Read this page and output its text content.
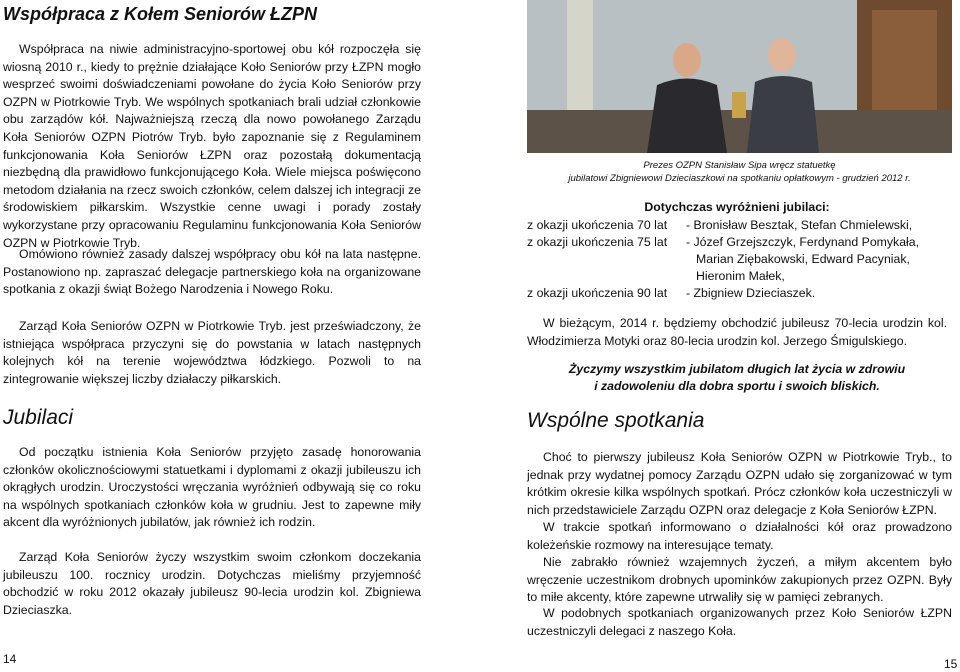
Współpraca z Kołem Seniorów ŁZPN

Współpraca na niwie administracyjno-sportowej obu kół rozpoczęła się wiosną 2010 r., kiedy to prężnie działające Koło Seniorów przy ŁZPN mogło wesprzeć swoimi doświadczeniami powołane do życia Koło Seniorów przy OZPN w Piotrkowie Tryb. We wspólnych spotkaniach brali udział członkowie obu zarządów kół. Najważniejszą rzeczą dla nowo powołanego Zarządu Koła Seniorów OZPN Piotrów Tryb. było zapoznanie się z Regulaminem funkcjonowania Koła Seniorów ŁZPN oraz pozostałą dokumentacją niezbędną dla prawidłowo funkcjonującego Koła. Wiele miejsca poświęcono metodom działania na rzecz swoich członków, celem dalszej ich integracji ze środowiskiem piłkarskim. Wszystkie cenne uwagi i porady zostały wykorzystane przy opracowaniu Regulaminu funkcjonowania Koła Seniorów OZPN w Piotrkowie Tryb.

Omówiono również zasady dalszej współpracy obu kół na lata następne. Postanowiono np. zapraszać delegacje partnerskiego koła na organizowane spotkania z okazji świąt Bożego Narodzenia i Nowego Roku.

Zarząd Koła Seniorów OZPN w Piotrkowie Tryb. jest przeświadczony, że istniejąca współpraca przyczyni się do powstania w latach następnych kolejnych kół na terenie województwa łódzkiego. Pozwoli to na zintegrowanie większej liczby działaczy piłkarskich.

Jubilaci

Od początku istnienia Koła Seniorów przyjęto zasadę honorowania członków okolicznościowymi statuetkami i dyplomami z okazji jubileuszu ich okrągłych urodzin. Uroczystości wręczania wyróżnień odbywają się co roku na wspólnych spotkaniach członków koła w grudniu. Jest to zapewne miły akcent dla wyróżnionych jubilatów, jak również ich rodzin.

Zarząd Koła Seniorów życzy wszystkim swoim członkom doczekania jubileuszu 100. rocznicy urodzin. Dotychczas mieliśmy przyjemność obchodzić w roku 2012 okazały jubileusz 90-lecia urodzin kol. Zbigniewa Dzieciaszka.

14
Prezes OZPN Stanisław Sipa wręcz statuetkę
jubilatowi Zbigniewowi Dzieciaszkowi na spotkaniu opłatkowym - grudzień 2012 r.
Dotychczas wyróżnieni jubilaci:
z okazji ukończenia 70 lat - Bronisław Besztak, Stefan Chmielewski,
z okazji ukończenia 75 lat - Józef Grzejszczyk, Ferdynand Pomykała,
Marian Ziębakowski, Edward Pacyniak,
Hieronim Małek,
z okazji ukończenia 90 lat - Zbigniew Dzieciaszek.

W bieżącym, 2014 r. będziemy obchodzić jubileusz 70-lecia urodzin kol. Włodzimierza Motyki oraz 80-lecia urodzin kol. Jerzego Śmigulskiego.

Życzymy wszystkim jubilatom długich lat życia w zdrowiu
i zadowoleniu dla dobra sportu i swoich bliskich.
Wspólne spotkania

Choć to pierwszy jubileusz Koła Seniorów OZPN w Piotrkowie Tryb., to jednak przy wydatnej pomocy Zarządu OZPN udało się zorganizować w tym krótkim okresie kilka wspólnych spotkań. Prócz członków koła uczestniczyli w nich przedstawiciele Zarządu OZPN oraz delegacje z Koła Seniorów ŁZPN.

W trakcie spotkań informowano o działalności kół oraz prowadzono koleżeńskie rozmowy na interesujące tematy.

Nie zabrakło również wzajemnych życzeń, a miłym akcentem było wręczenie uczestnikom drobnych upominków zakupionych przez OZPN. Były to miłe akcenty, które zapewne utrwaliły się w pamięci zebranych.

W podobnych spotkaniach organizowanych przez Koło Seniorów ŁZPN uczestniczyli delegaci z naszego Koła.

15
